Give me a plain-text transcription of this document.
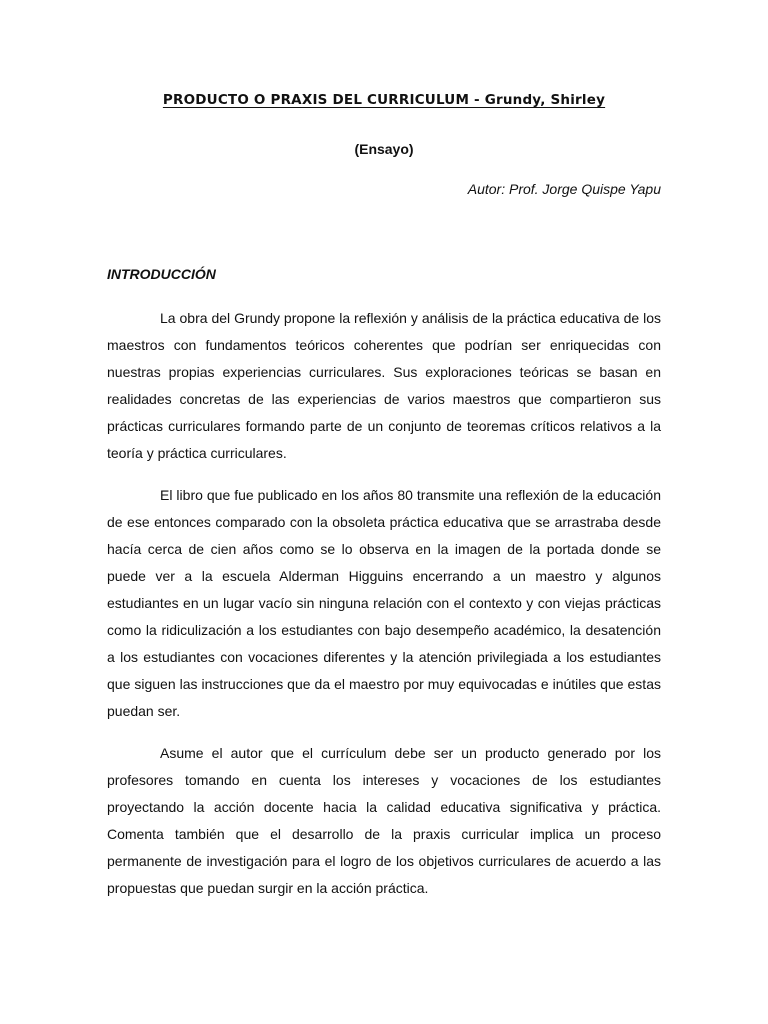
PRODUCTO O PRAXIS DEL CURRICULUM - Grundy, Shirley

(Ensayo)

Autor: Prof. Jorge Quispe Yapu

INTRODUCCIÓN

La obra del Grundy propone la reflexión y análisis de la práctica educativa de los maestros con fundamentos teóricos coherentes que podrían ser enriquecidas con nuestras propias experiencias curriculares. Sus exploraciones teóricas se basan en realidades concretas de las experiencias de varios maestros que compartieron sus prácticas curriculares formando parte de un conjunto de teoremas críticos relativos a la teoría y práctica curriculares.

El libro que fue publicado en los años 80 transmite una reflexión de la educación de ese entonces comparado con la obsoleta práctica educativa que se arrastraba desde hacía cerca de cien años como se lo observa en la imagen de la portada donde se puede ver a la escuela Alderman Higguins encerrando a un maestro y algunos estudiantes en un lugar vacío sin ninguna relación con el contexto y con viejas prácticas como la ridiculización a los estudiantes con bajo desempeño académico, la desatención a los estudiantes con vocaciones diferentes y la atención privilegiada a los estudiantes que siguen las instrucciones que da el maestro por muy equivocadas e inútiles que estas puedan ser.

Asume el autor que el currículum debe ser un producto generado por los profesores tomando en cuenta los intereses y vocaciones de los estudiantes proyectando la acción docente hacia la calidad educativa significativa y práctica. Comenta también que el desarrollo de la praxis curricular implica un proceso permanente de investigación para el logro de los objetivos curriculares de acuerdo a las propuestas que puedan surgir en la acción práctica.
